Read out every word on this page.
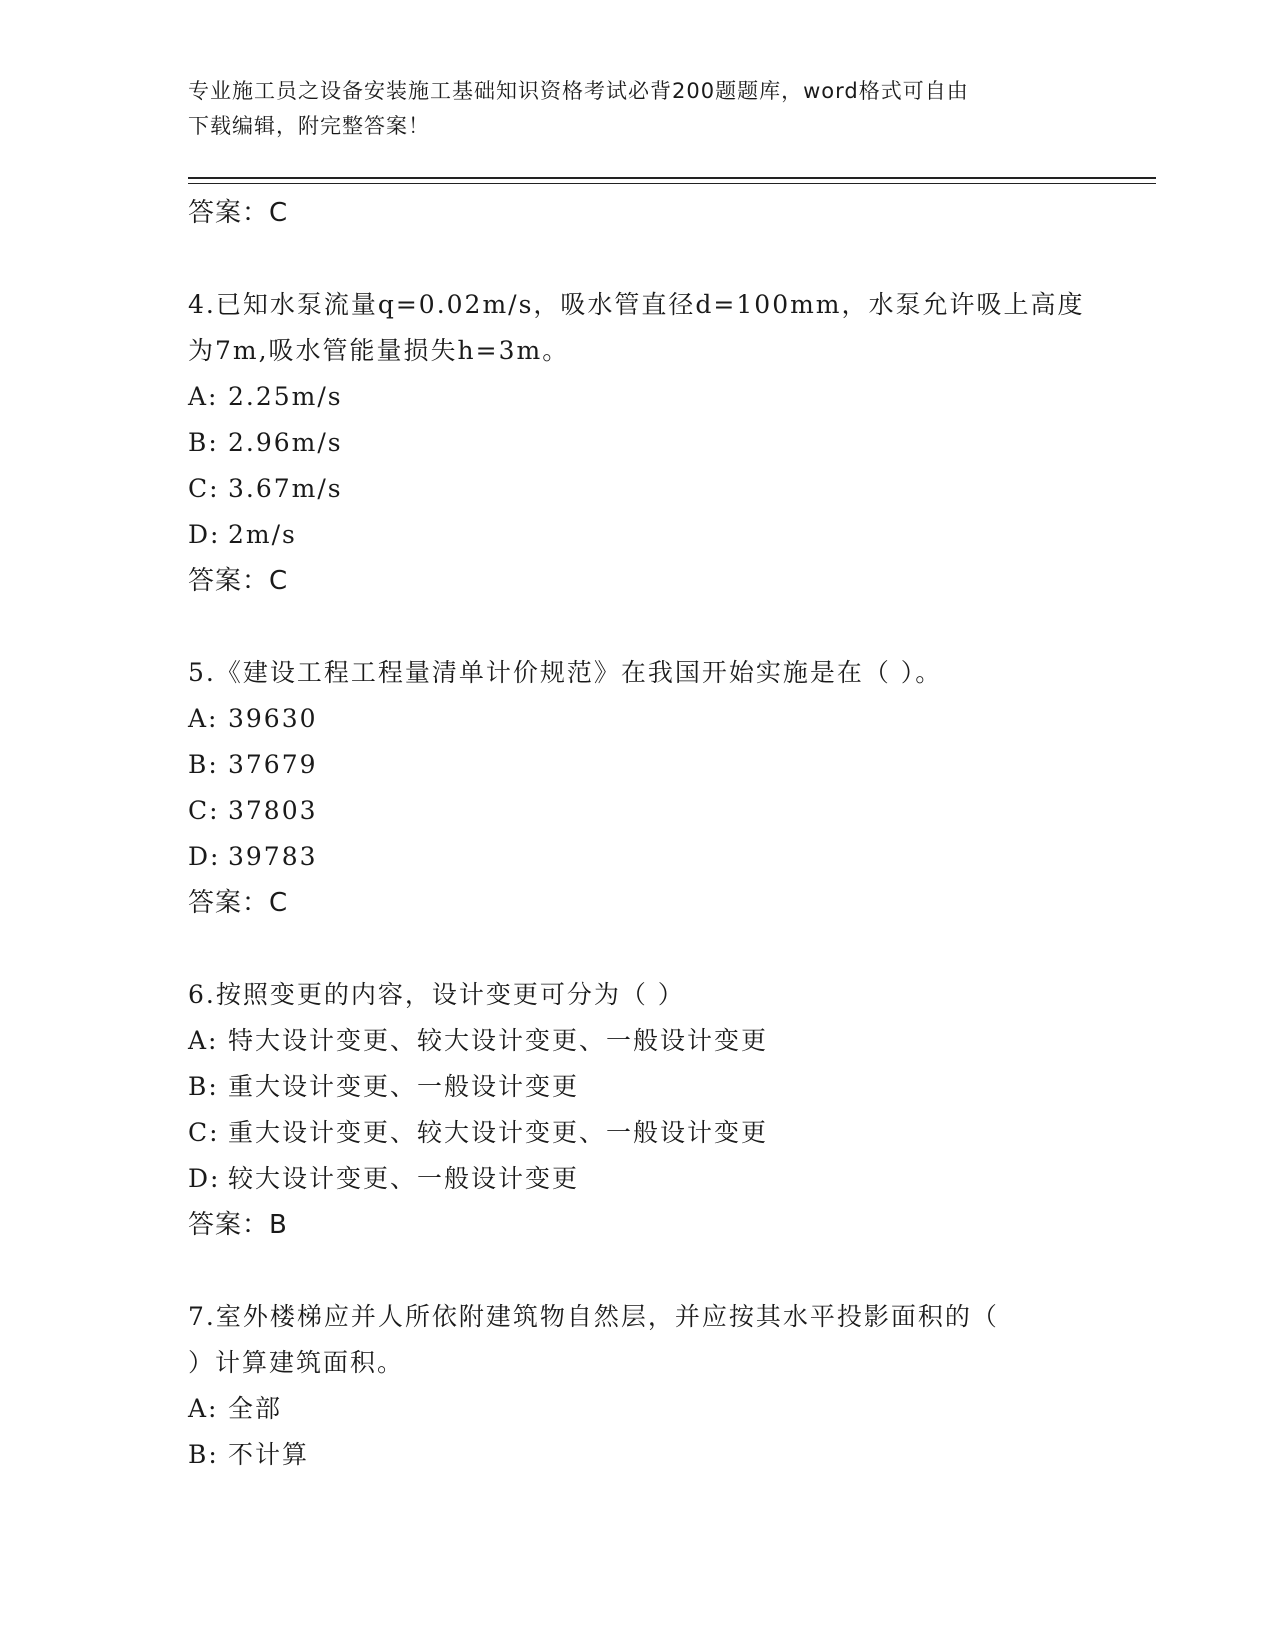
专业施工员之设备安装施工基础知识资格考试必背200题题库，word格式可自由
下载编辑，附完整答案！
答案：C
4.已知水泵流量q=0.02m/s，吸水管直径d=100mm，水泵允许吸上高度
为7m,吸水管能量损失h=3m。
A: 2.25m/s
B: 2.96m/s
C: 3.67m/s
D: 2m/s
答案：C
5.《建设工程工程量清单计价规范》在我国开始实施是在（ ）。
A: 39630
B: 37679
C: 37803
D: 39783
答案：C
6.按照变更的内容，设计变更可分为（ ）
A: 特大设计变更、较大设计变更、一般设计变更
B: 重大设计变更、一般设计变更
C: 重大设计变更、较大设计变更、一般设计变更
D: 较大设计变更、一般设计变更
答案：B
7.室外楼梯应并人所依附建筑物自然层，并应按其水平投影面积的（
）计算建筑面积。
A: 全部
B: 不计算
